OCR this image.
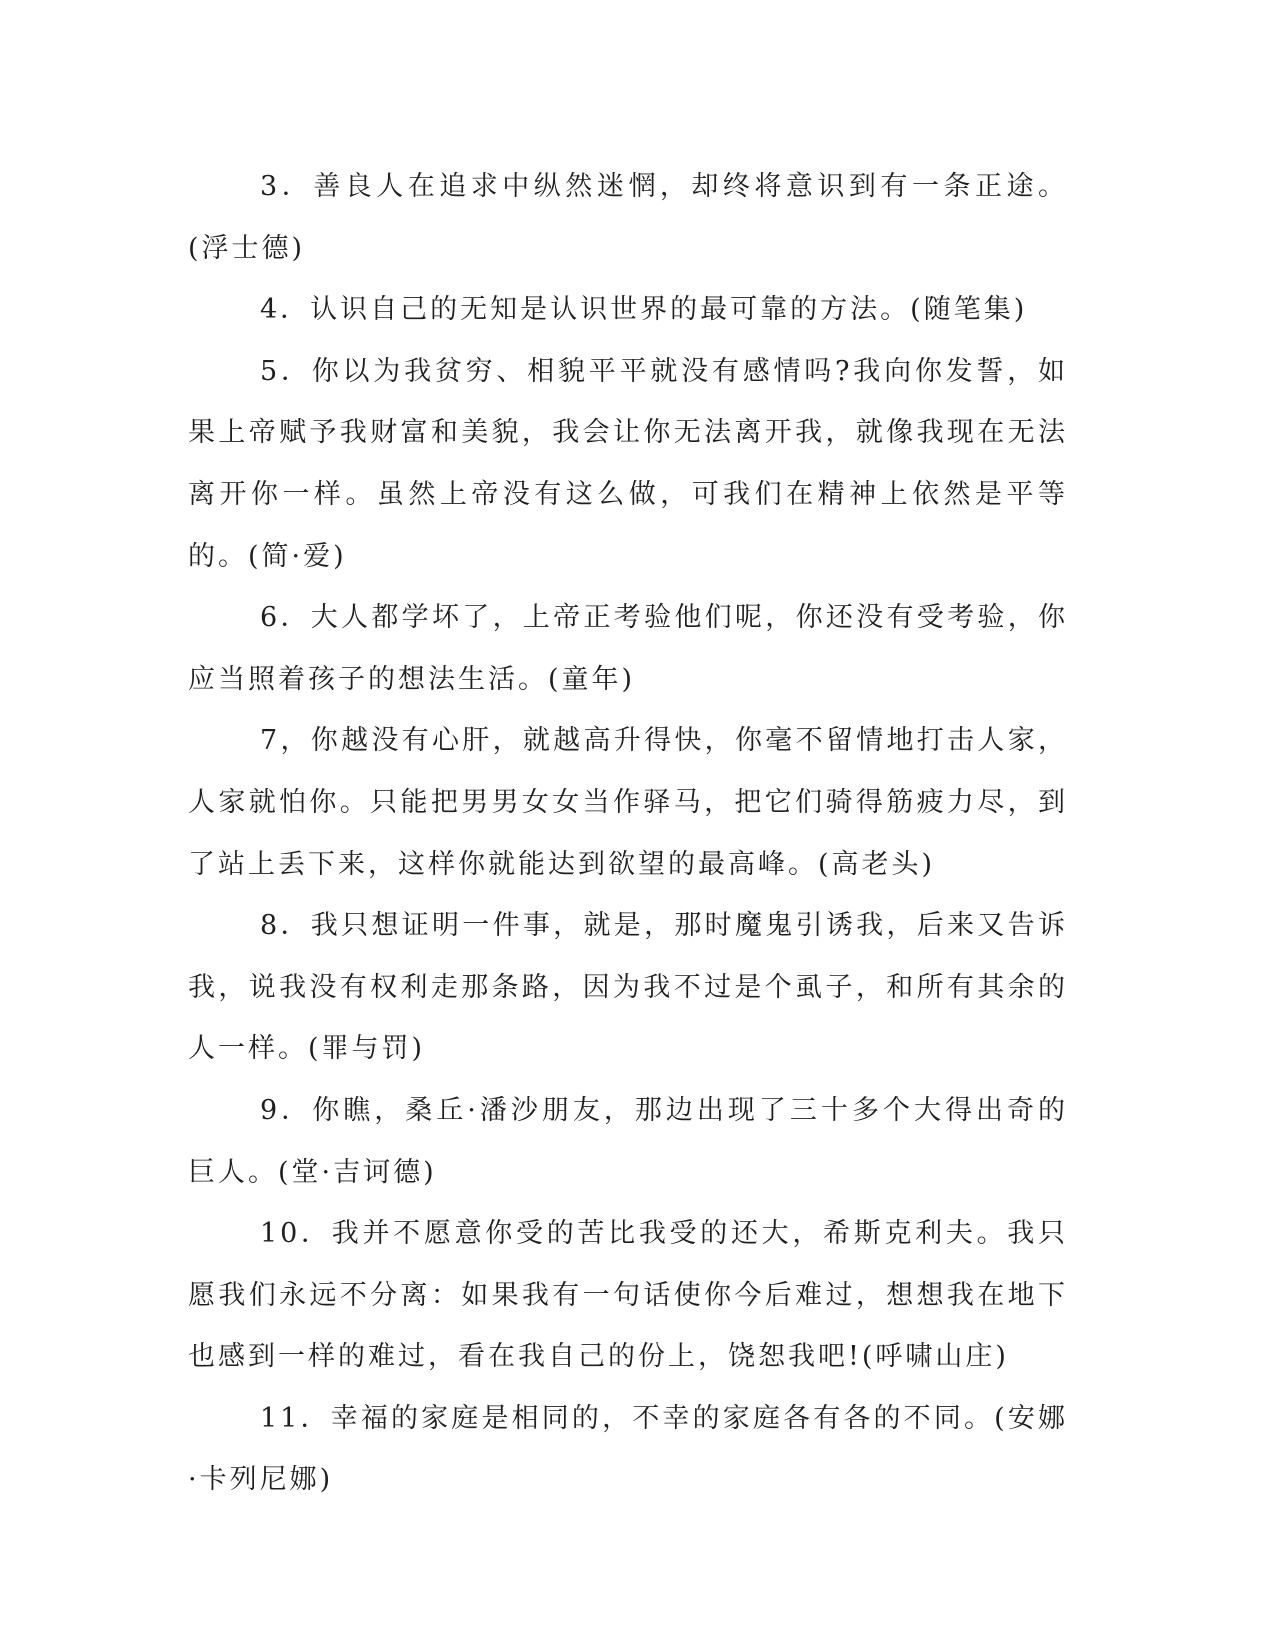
3．善良人在追求中纵然迷惘，却终将意识到有一条正途。(浮士德)

4．认识自己的无知是认识世界的最可靠的方法。(随笔集)

5．你以为我贫穷、相貌平平就没有感情吗?我向你发誓，如果上帝赋予我财富和美貌，我会让你无法离开我，就像我现在无法离开你一样。虽然上帝没有这么做，可我们在精神上依然是平等的。(简·爱)

6．大人都学坏了，上帝正考验他们呢，你还没有受考验，你应当照着孩子的想法生活。(童年)

7，你越没有心肝，就越高升得快，你毫不留情地打击人家，人家就怕你。只能把男男女女当作驿马，把它们骑得筋疲力尽，到了站上丢下来，这样你就能达到欲望的最高峰。(高老头)

8．我只想证明一件事，就是，那时魔鬼引诱我，后来又告诉我，说我没有权利走那条路，因为我不过是个虱子，和所有其余的人一样。(罪与罚)

9．你瞧，桑丘·潘沙朋友，那边出现了三十多个大得出奇的巨人。(堂·吉诃德)

10．我并不愿意你受的苦比我受的还大，希斯克利夫。我只愿我们永远不分离：如果我有一句话使你今后难过，想想我在地下也感到一样的难过，看在我自己的份上，饶恕我吧!(呼啸山庄)

11．幸福的家庭是相同的，不幸的家庭各有各的不同。(安娜·卡列尼娜)
